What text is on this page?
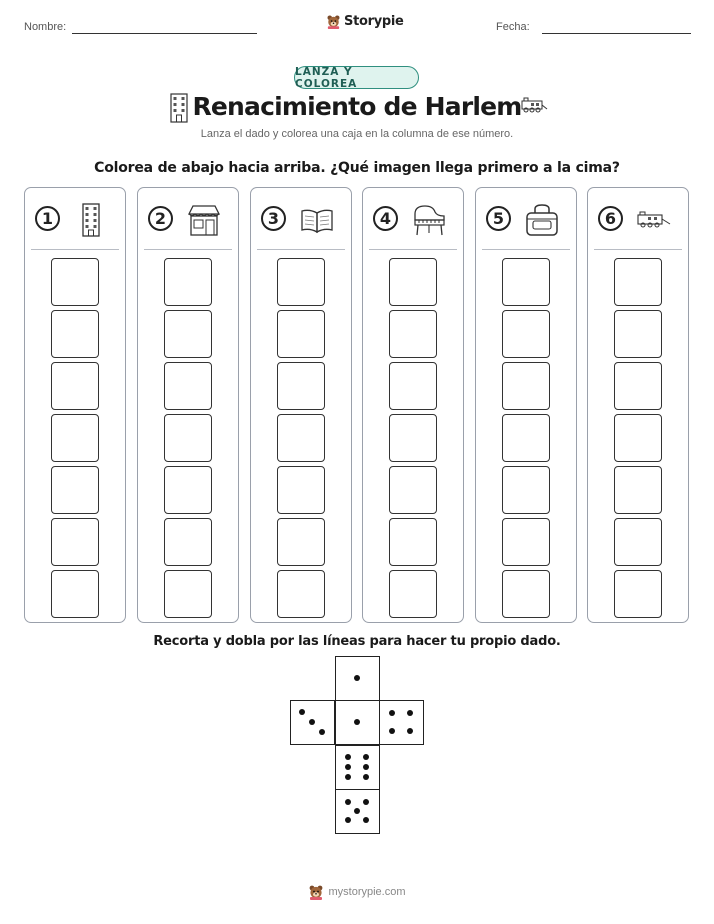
Nombre:	Storypie	Fecha:
LANZA Y COLOREA
Renacimiento de Harlem
Lanza el dado y colorea una caja en la columna de ese número.
Colorea de abajo hacia arriba. ¿Qué imagen llega primero a la cima?
1	2	3	4	5	6
Recorta y dobla por las líneas para hacer tu propio dado.
mystorypie.com
